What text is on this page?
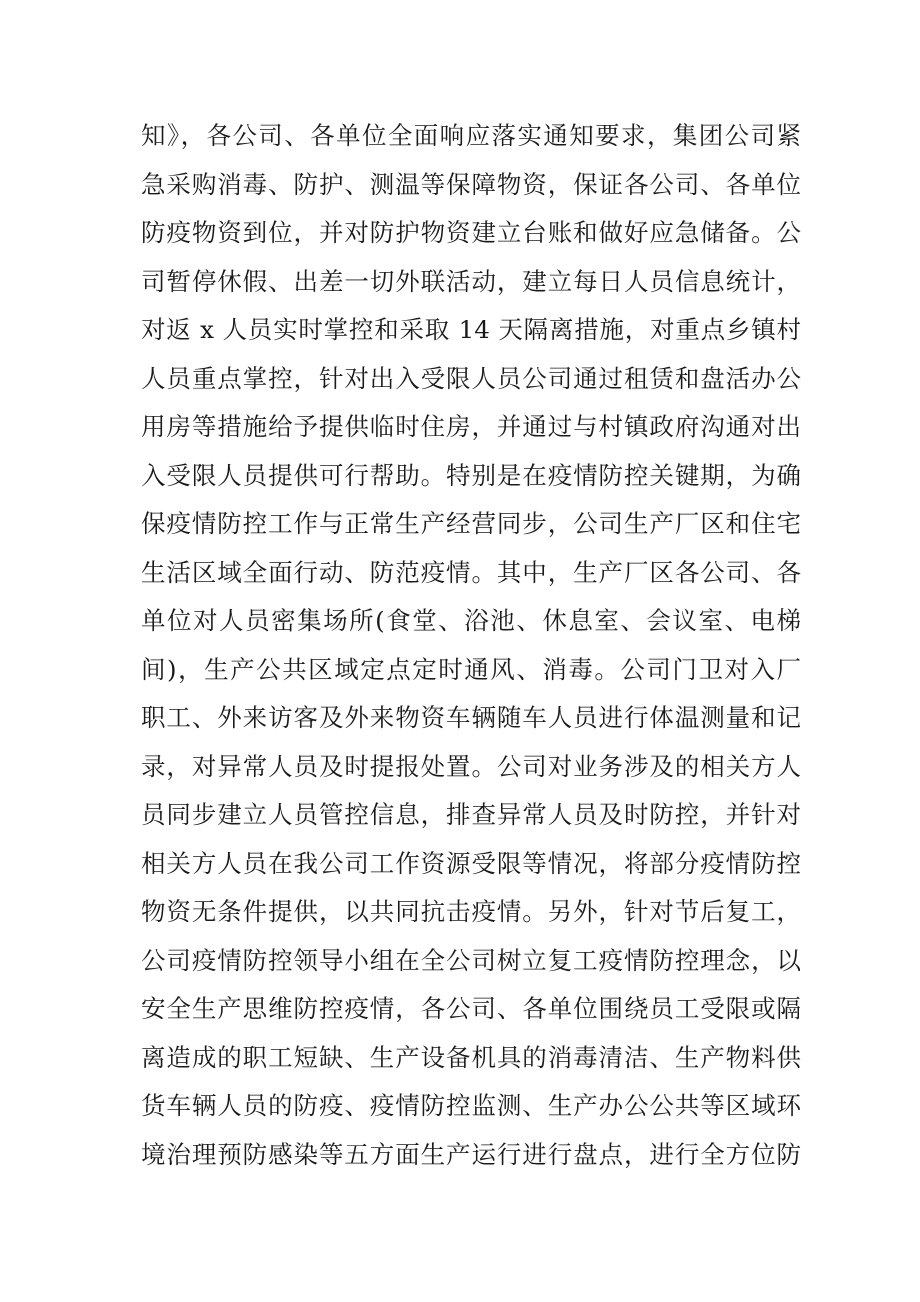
知》，各公司、各单位全面响应落实通知要求，集团公司紧
急采购消毒、防护、测温等保障物资，保证各公司、各单位
防疫物资到位，并对防护物资建立台账和做好应急储备。公
司暂停休假、出差一切外联活动，建立每日人员信息统计，
对返 x 人员实时掌控和采取 14 天隔离措施，对重点乡镇村
人员重点掌控，针对出入受限人员公司通过租赁和盘活办公
用房等措施给予提供临时住房，并通过与村镇政府沟通对出
入受限人员提供可行帮助。特别是在疫情防控关键期，为确
保疫情防控工作与正常生产经营同步，公司生产厂区和住宅
生活区域全面行动、防范疫情。其中，生产厂区各公司、各
单位对人员密集场所(食堂、浴池、休息室、会议室、电梯
间)，生产公共区域定点定时通风、消毒。公司门卫对入厂
职工、外来访客及外来物资车辆随车人员进行体温测量和记
录，对异常人员及时提报处置。公司对业务涉及的相关方人
员同步建立人员管控信息，排查异常人员及时防控，并针对
相关方人员在我公司工作资源受限等情况，将部分疫情防控
物资无条件提供，以共同抗击疫情。另外，针对节后复工，
公司疫情防控领导小组在全公司树立复工疫情防控理念，以
安全生产思维防控疫情，各公司、各单位围绕员工受限或隔
离造成的职工短缺、生产设备机具的消毒清洁、生产物料供
货车辆人员的防疫、疫情防控监测、生产办公公共等区域环
境治理预防感染等五方面生产运行进行盘点，进行全方位防
